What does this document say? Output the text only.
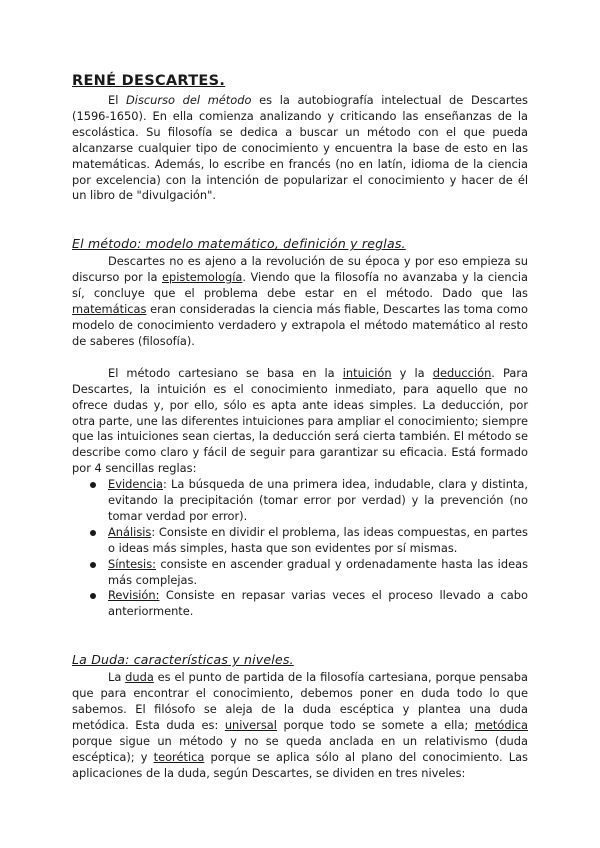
RENÉ DESCARTES.

El Discurso del método es la autobiografía intelectual de Descartes (1596-1650). En ella comienza analizando y criticando las enseñanzas de la escolástica. Su filosofía se dedica a buscar un método con el que pueda alcanzarse cualquier tipo de conocimiento y encuentra la base de esto en las matemáticas. Además, lo escribe en francés (no en latín, idioma de la ciencia por excelencia) con la intención de popularizar el conocimiento y hacer de él un libro de "divulgación".

El método: modelo matemático, definición y reglas.

Descartes no es ajeno a la revolución de su época y por eso empieza su discurso por la epistemología. Viendo que la filosofía no avanzaba y la ciencia sí, concluye que el problema debe estar en el método. Dado que las matemáticas eran consideradas la ciencia más fiable, Descartes las toma como modelo de conocimiento verdadero y extrapola el método matemático al resto de saberes (filosofía).

El método cartesiano se basa en la intuición y la deducción. Para Descartes, la intuición es el conocimiento inmediato, para aquello que no ofrece dudas y, por ello, sólo es apta ante ideas simples. La deducción, por otra parte, une las diferentes intuiciones para ampliar el conocimiento; siempre que las intuiciones sean ciertas, la deducción será cierta también. El método se describe como claro y fácil de seguir para garantizar su eficacia. Está formado por 4 sencillas reglas:

Evidencia: La búsqueda de una primera idea, indudable, clara y distinta, evitando la precipitación (tomar error por verdad) y la prevención (no tomar verdad por error).
Análisis: Consiste en dividir el problema, las ideas compuestas, en partes o ideas más simples, hasta que son evidentes por sí mismas.
Síntesis: consiste en ascender gradual y ordenadamente hasta las ideas más complejas.
Revisión: Consiste en repasar varias veces el proceso llevado a cabo anteriormente.
La Duda: características y niveles.

La duda es el punto de partida de la filosofía cartesiana, porque pensaba que para encontrar el conocimiento, debemos poner en duda todo lo que sabemos. El filósofo se aleja de la duda escéptica y plantea una duda metódica. Esta duda es: universal porque todo se somete a ella; metódica porque sigue un método y no se queda anclada en un relativismo (duda escéptica); y teorética porque se aplica sólo al plano del conocimiento. Las aplicaciones de la duda, según Descartes, se dividen en tres niveles:
